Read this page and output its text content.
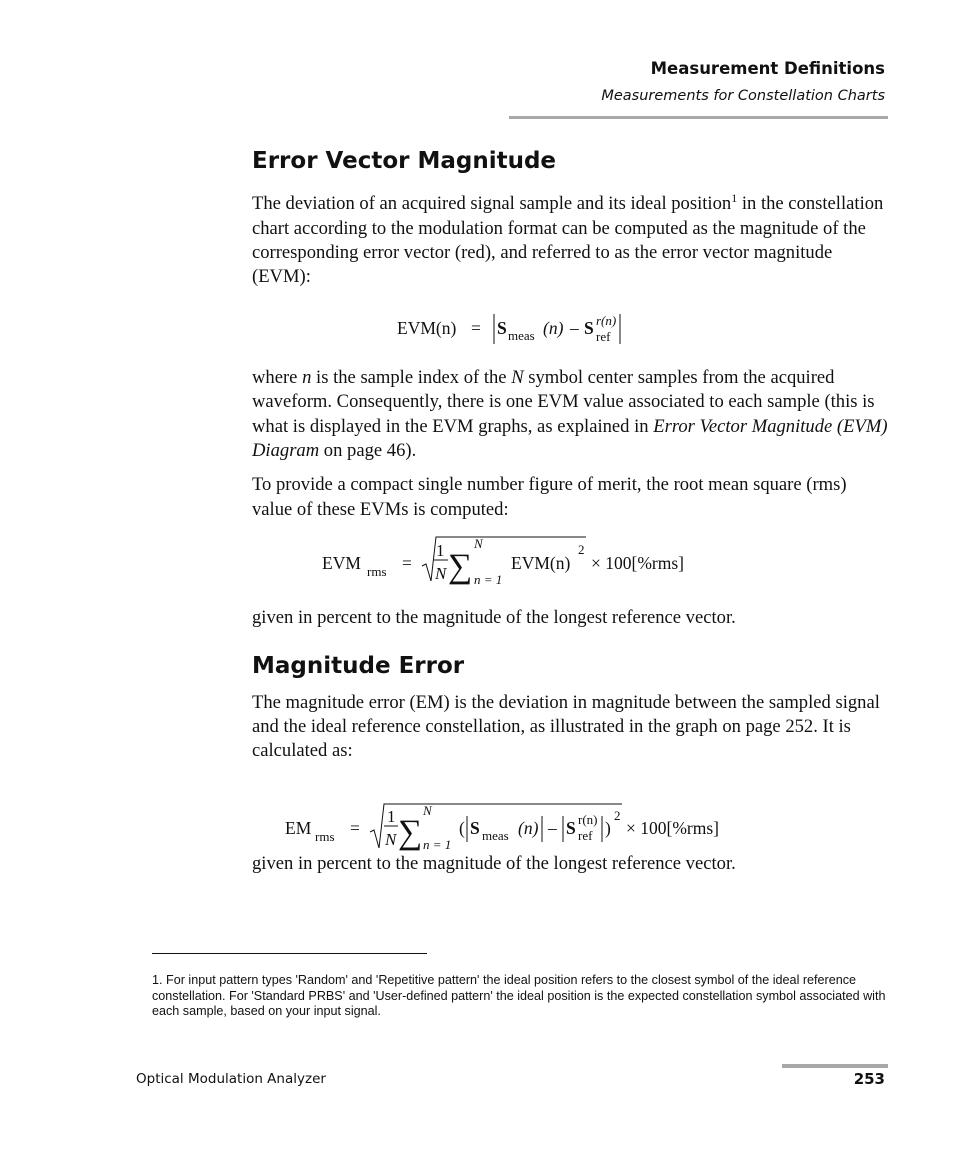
Measurement Definitions
Measurements for Constellation Charts
Error Vector Magnitude

The deviation of an acquired signal sample and its ideal position$^1$ in the constellation chart according to the modulation format can be computed as the magnitude of the corresponding error vector (red), and referred to as the error vector magnitude (EVM):

EVM(n) = S meas (n) – S ref
r(n)

where n is the sample index of the N symbol center samples from the acquired waveform. Consequently, there is one EVM value associated to each sample (this is what is displayed in the EVM graphs, as explained in Error Vector Magnitude (EVM) Diagram on page 46).

To provide a compact single number figure of merit, the root mean square (rms) value of these EVMs is computed:

EVM rms =
1
N ∑
N
n = 1
EVM(n)
2
× 100[%rms]

given in percent to the magnitude of the longest reference vector.

Magnitude Error

The magnitude error (EM) is the deviation in magnitude between the sampled signal and the ideal reference constellation, as illustrated in the graph on page 252. It is calculated as:

given in percent to the magnitude of the longest reference vector.

EM rms =
1
N ∑
N
n = 1
( S meas (n) – S ref
r(n) )
2
× 100[%rms]
1. For input pattern types 'Random' and 'Repetitive pattern' the ideal position refers to the closest symbol of the ideal reference constellation. For 'Standard PRBS' and 'User-defined pattern' the ideal position is the expected constellation symbol associated with each sample, based on your input signal.
Optical Modulation Analyzer	253
